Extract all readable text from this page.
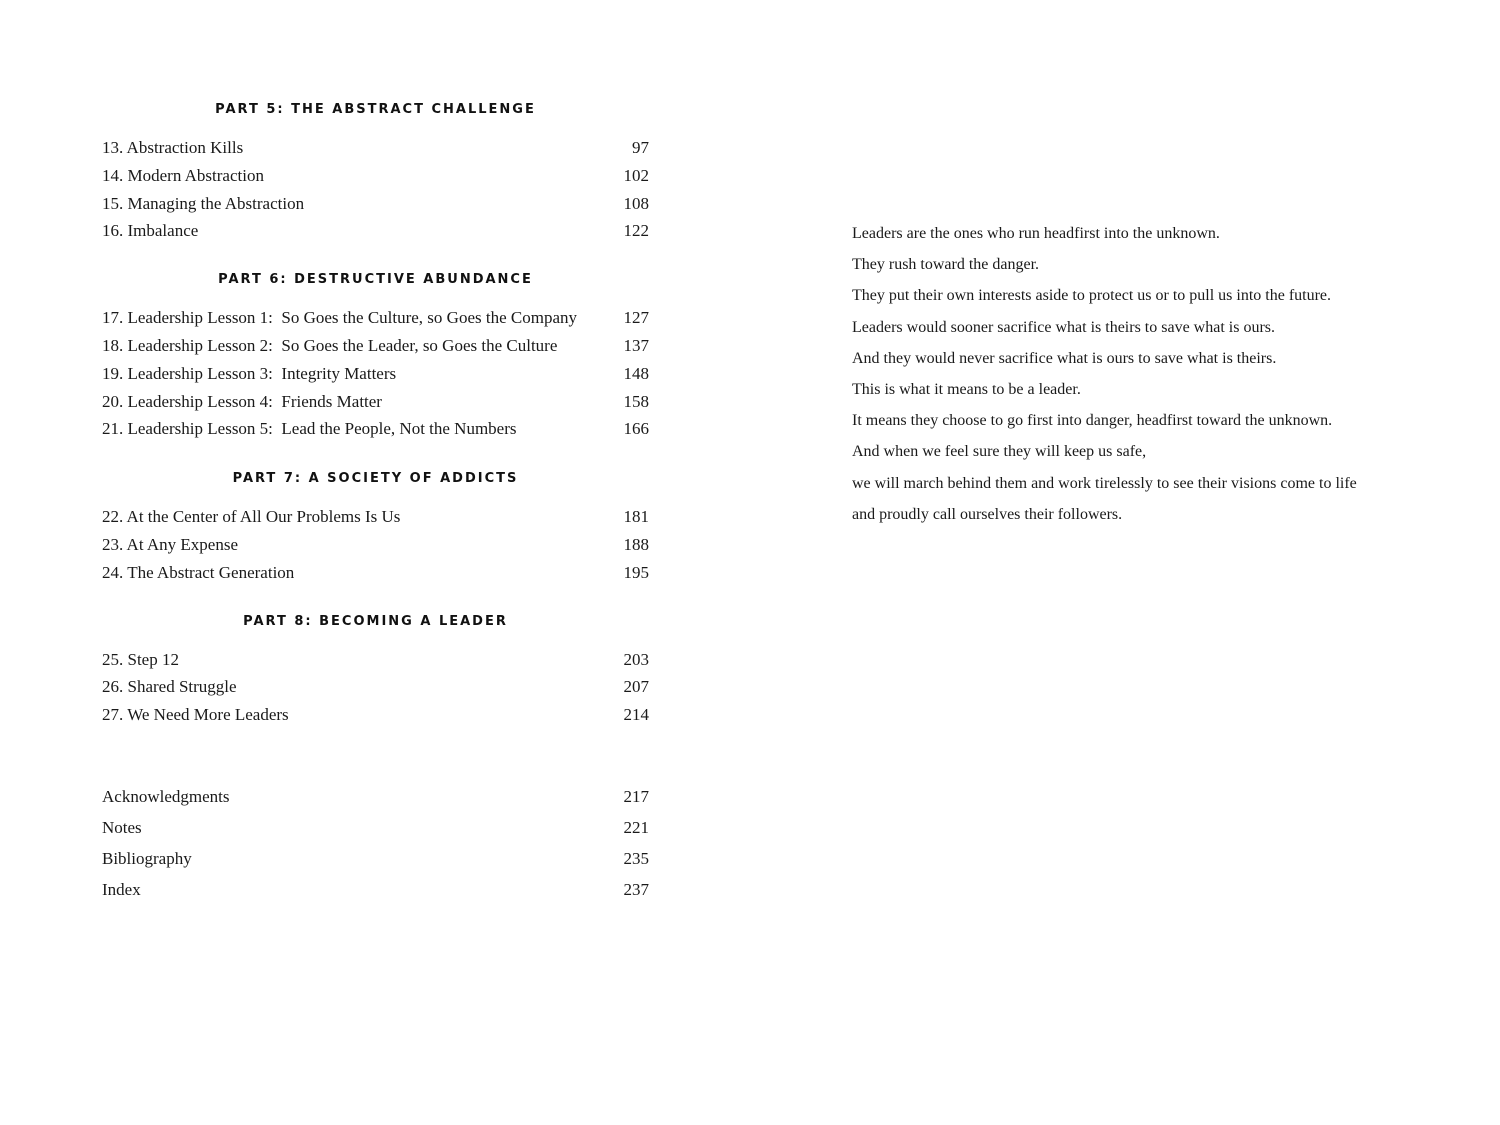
PART 5: THE ABSTRACT CHALLENGE
13. Abstraction Kills	97
14. Modern Abstraction	102
15. Managing the Abstraction	108
16. Imbalance	122
PART 6: DESTRUCTIVE ABUNDANCE
17. Leadership Lesson 1:  So Goes the Culture, so Goes the Company	127
18. Leadership Lesson 2:  So Goes the Leader, so Goes the Culture	137
19. Leadership Lesson 3:  Integrity Matters	148
20. Leadership Lesson 4:  Friends Matter	158
21. Leadership Lesson 5:  Lead the People, Not the Numbers	166
PART 7: A SOCIETY OF ADDICTS
22. At the Center of All Our Problems Is Us	181
23. At Any Expense	188
24. The Abstract Generation	195
PART 8: BECOMING A LEADER
25. Step 12	203
26. Shared Struggle	207
27. We Need More Leaders	214
Acknowledgments	217
Notes	221
Bibliography	235
Index	237
Leaders are the ones who run headfirst into the unknown.
They rush toward the danger.
They put their own interests aside to protect us or to pull us into the future.
Leaders would sooner sacrifice what is theirs to save what is ours.
And they would never sacrifice what is ours to save what is theirs.
This is what it means to be a leader.
It means they choose to go first into danger, headfirst toward the unknown.
And when we feel sure they will keep us safe,
we will march behind them and work tirelessly to see their visions come to life
and proudly call ourselves their followers.
